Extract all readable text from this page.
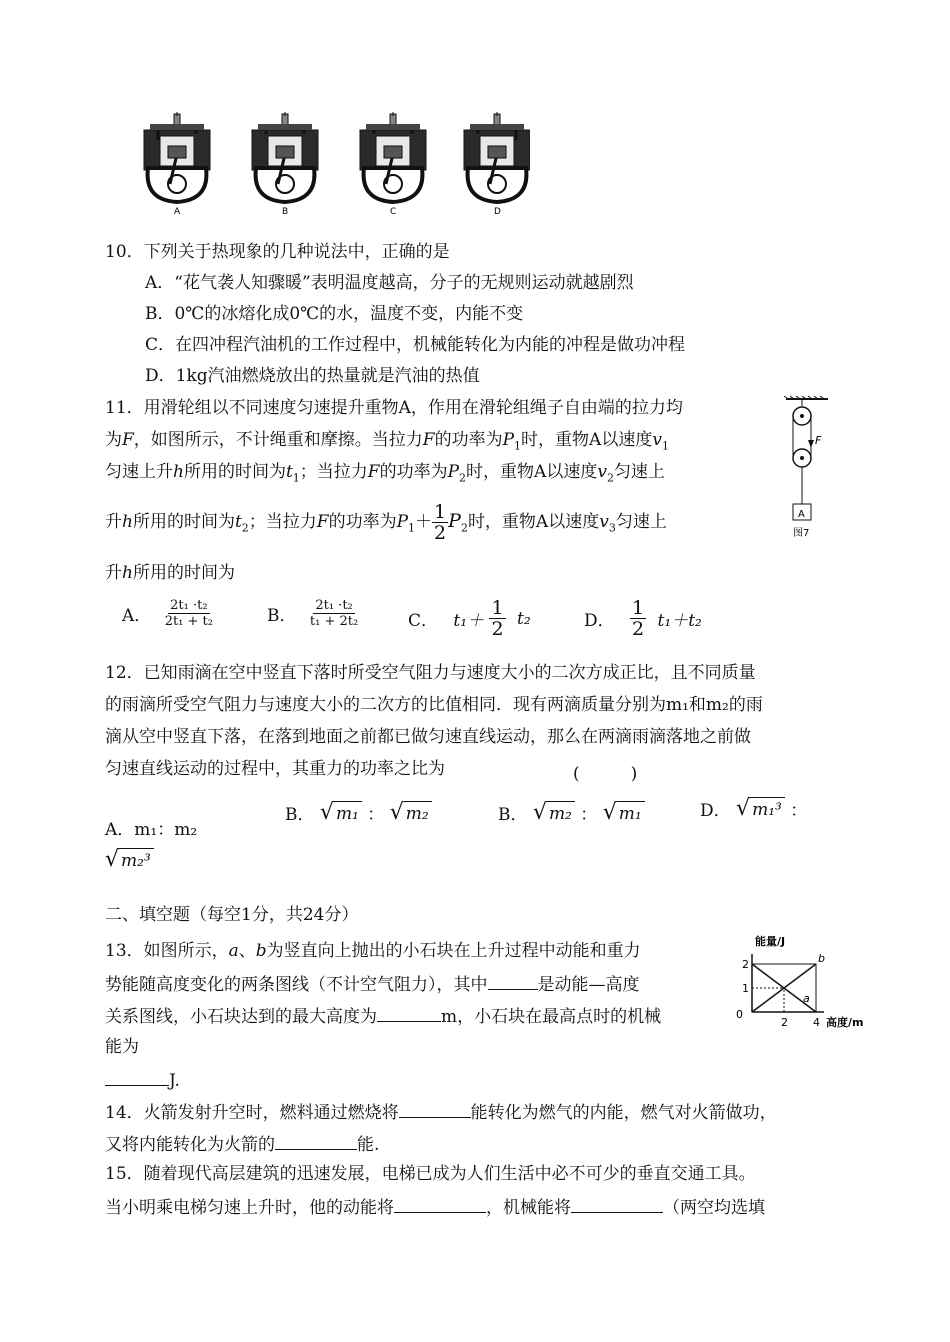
A	B	C	D
10．下列关于热现象的几种说法中，正确的是
A．“花气袭人知骤暖”表明温度越高，分子的无规则运动就越剧烈
B．0℃的冰熔化成0℃的水，温度不变，内能不变
C．在四冲程汽油机的工作过程中，机械能转化为内能的冲程是做功冲程
D．1kg汽油燃烧放出的热量就是汽油的热值
11．用滑轮组以不同速度匀速提升重物A，作用在滑轮组绳子自由端的拉力均
为F，如图所示，不计绳重和摩擦。当拉力F的功率为$P_1$时，重物A以速度$v_1$
匀速上升h所用的时间为$t_1$；当拉力F的功率为$P_2$时，重物A以速度$v_2$匀速上
升h所用的时间为$t_2$；当拉力F的功率为$P_1+ \frac{1}{2} P_2$时，重物A以速度$v_3$匀速上
升h所用的时间为
F
A
图7
A． $\frac{\text{2t₁ ·t₂}}{\text{2t₁ + t₂}}$	B． $\frac{\text{2t₁ ·t₂}}{\text{t₁ + 2t₂}}$	C． $t_1+ \frac{1}{2} t_2$	D． $\frac{1}{2} t_1+t_2$
12．已知雨滴在空中竖直下落时所受空气阻力与速度大小的二次方成正比，且不同质量
的雨滴所受空气阻力与速度大小的二次方的比值相同．现有两滴质量分别为m₁和m₂的雨
滴从空中竖直下落，在落到地面之前都已做匀速直线运动，那么在两滴雨滴落地之前做
匀速直线运动的过程中，其重力的功率之比为	(　　　)
A．m₁：m₂
B． √ m₁ ： √ m₂	B． √ m₂ ： √ m₁	D． √ m₁³ ：
√ m₂³
二、填空题（每空1分，共24分）
13．如图所示，a、b为竖直向上抛出的小石块在上升过程中动能和重力
势能随高度变化的两条图线（不计空气阻力），其中	是动能—高度
关系图线，小石块达到的最大高度为	m，小石块在最高点时的机械
能为
J.
能量/J
高度/m
2
1
0
2 4
b
a
14．火箭发射升空时，燃料通过燃烧将	能转化为燃气的内能，燃气对火箭做功，
又将内能转化为火箭的	能.
15．随着现代高层建筑的迅速发展，电梯已成为人们生活中必不可少的垂直交通工具。
当小明乘电梯匀速上升时，他的动能将	，机械能将	（两空均选填
